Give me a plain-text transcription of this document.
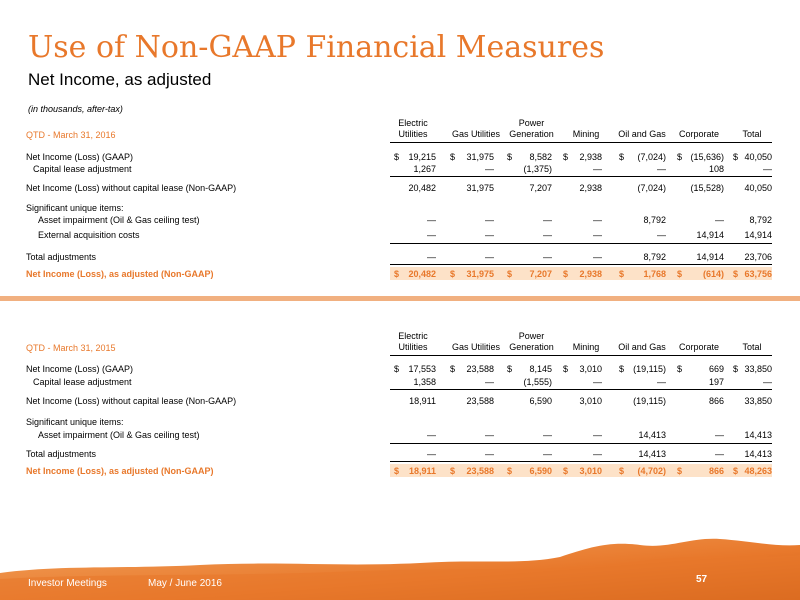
Use of Non-GAAP Financial Measures
Net Income, as adjusted
(in thousands, after-tax)
QTD - March 31, 2016
Electric
Utilities	Gas Utilities
Power
Generation	Mining	Oil and Gas	Corporate	Total
Net Income (Loss) (GAAP)	$	19,215 $	31,975 $	8,582 $	2,938 $	(7,024) $ (15,636) $ 40,050
Capital lease adjustment	1,267	—	(1,375)	—	—	108	—
Net Income (Loss) without capital lease (Non-GAAP)	20,482	31,975	7,207	2,938	(7,024)	(15,528)	40,050
Significant unique items:
Asset impairment (Oil & Gas ceiling test)	—	—	—	—	8,792	—	8,792
External acquisition costs	—	—	—	—	—	14,914	14,914
Total adjustments	—	—	—	—	8,792	14,914	23,706
Net Income (Loss), as adjusted (Non-GAAP)	$	20,482 $	31,975 $	7,207 $	2,938 $	1,768 $	(614) $ 63,756
QTD - March 31, 2015
Electric
Utilities	Gas Utilities
Power
Generation	Mining	Oil and Gas	Corporate	Total
Net Income (Loss) (GAAP)	$	17,553 $	23,588 $	8,145 $	3,010 $	(19,115) $	669 $ 33,850
Capital lease adjustment	1,358	—	(1,555)	—	—	197	—
Net Income (Loss) without capital lease (Non-GAAP)	18,911	23,588	6,590	3,010	(19,115)	866	33,850
Significant unique items:
Asset impairment (Oil & Gas ceiling test)	—	—	—	—	14,413	—	14,413
Total adjustments	—	—	—	—	14,413	—	14,413
Net Income (Loss), as adjusted (Non-GAAP)	$	18,911 $	23,588 $	6,590 $	3,010 $	(4,702) $	866 $ 48,263
Investor Meetings	May / June 2016	57
